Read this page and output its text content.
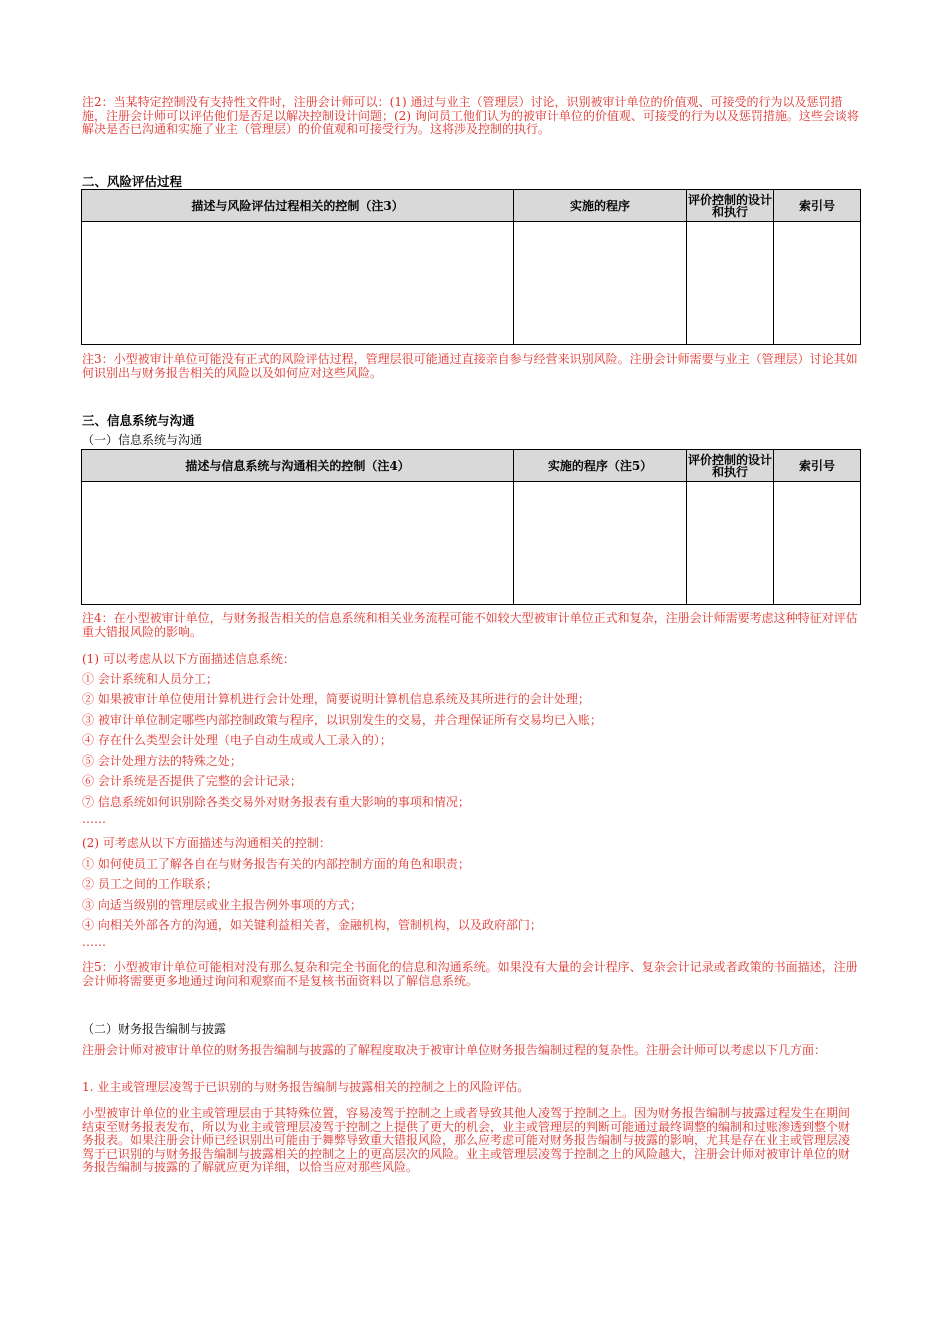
注2：当某特定控制没有支持性文件时，注册会计师可以：(1) 通过与业主（管理层）讨论，识别被审计单位的价值观、可接受的行为以及惩罚措施，注册会计师可以评估他们是否足以解决控制设计问题；(2) 询问员工他们认为的被审计单位的价值观、可接受的行为以及惩罚措施。这些会谈将解决是否已沟通和实施了业主（管理层）的价值观和可接受行为。这将涉及控制的执行。

二、风险评估过程

描述与风险评估过程相关的控制（注3）	实施的程序	评价控制的设计和执行	索引号

注3：小型被审计单位可能没有正式的风险评估过程，管理层很可能通过直接亲自参与经营来识别风险。注册会计师需要与业主（管理层）讨论其如何识别出与财务报告相关的风险以及如何应对这些风险。

三、信息系统与沟通

（一）信息系统与沟通

描述与信息系统与沟通相关的控制（注4）	实施的程序（注5）	评价控制的设计和执行	索引号

注4：在小型被审计单位，与财务报告相关的信息系统和相关业务流程可能不如较大型被审计单位正式和复杂，注册会计师需要考虑这种特征对评估重大错报风险的影响。

(1) 可以考虑从以下方面描述信息系统：

① 会计系统和人员分工；

② 如果被审计单位使用计算机进行会计处理，简要说明计算机信息系统及其所进行的会计处理；

③ 被审计单位制定哪些内部控制政策与程序，以识别发生的交易，并合理保证所有交易均已入账；

④ 存在什么类型会计处理（电子自动生成或人工录入的）；

⑤ 会计处理方法的特殊之处；

⑥ 会计系统是否提供了完整的会计记录；

⑦ 信息系统如何识别除各类交易外对财务报表有重大影响的事项和情况；

……

(2) 可考虑从以下方面描述与沟通相关的控制：

① 如何使员工了解各自在与财务报告有关的内部控制方面的角色和职责；

② 员工之间的工作联系；

③ 向适当级别的管理层或业主报告例外事项的方式；

④ 向相关外部各方的沟通，如关键利益相关者，金融机构，管制机构，以及政府部门；

……

注5：小型被审计单位可能相对没有那么复杂和完全书面化的信息和沟通系统。如果没有大量的会计程序、复杂会计记录或者政策的书面描述，注册会计师将需要更多地通过询问和观察而不是复核书面资料以了解信息系统。

（二）财务报告编制与披露

注册会计师对被审计单位的财务报告编制与披露的了解程度取决于被审计单位财务报告编制过程的复杂性。注册会计师可以考虑以下几方面：

1. 业主或管理层凌驾于已识别的与财务报告编制与披露相关的控制之上的风险评估。

小型被审计单位的业主或管理层由于其特殊位置，容易凌驾于控制之上或者导致其他人凌驾于控制之上。因为财务报告编制与披露过程发生在期间结束至财务报表发布，所以为业主或管理层凌驾于控制之上提供了更大的机会，业主或管理层的判断可能通过最终调整的编制和过账渗透到整个财务报表。如果注册会计师已经识别出可能由于舞弊导致重大错报风险，那么应考虑可能对财务报告编制与披露的影响，尤其是存在业主或管理层凌驾于已识别的与财务报告编制与披露相关的控制之上的更高层次的风险。业主或管理层凌驾于控制之上的风险越大，注册会计师对被审计单位的财务报告编制与披露的了解就应更为详细，以恰当应对那些风险。
